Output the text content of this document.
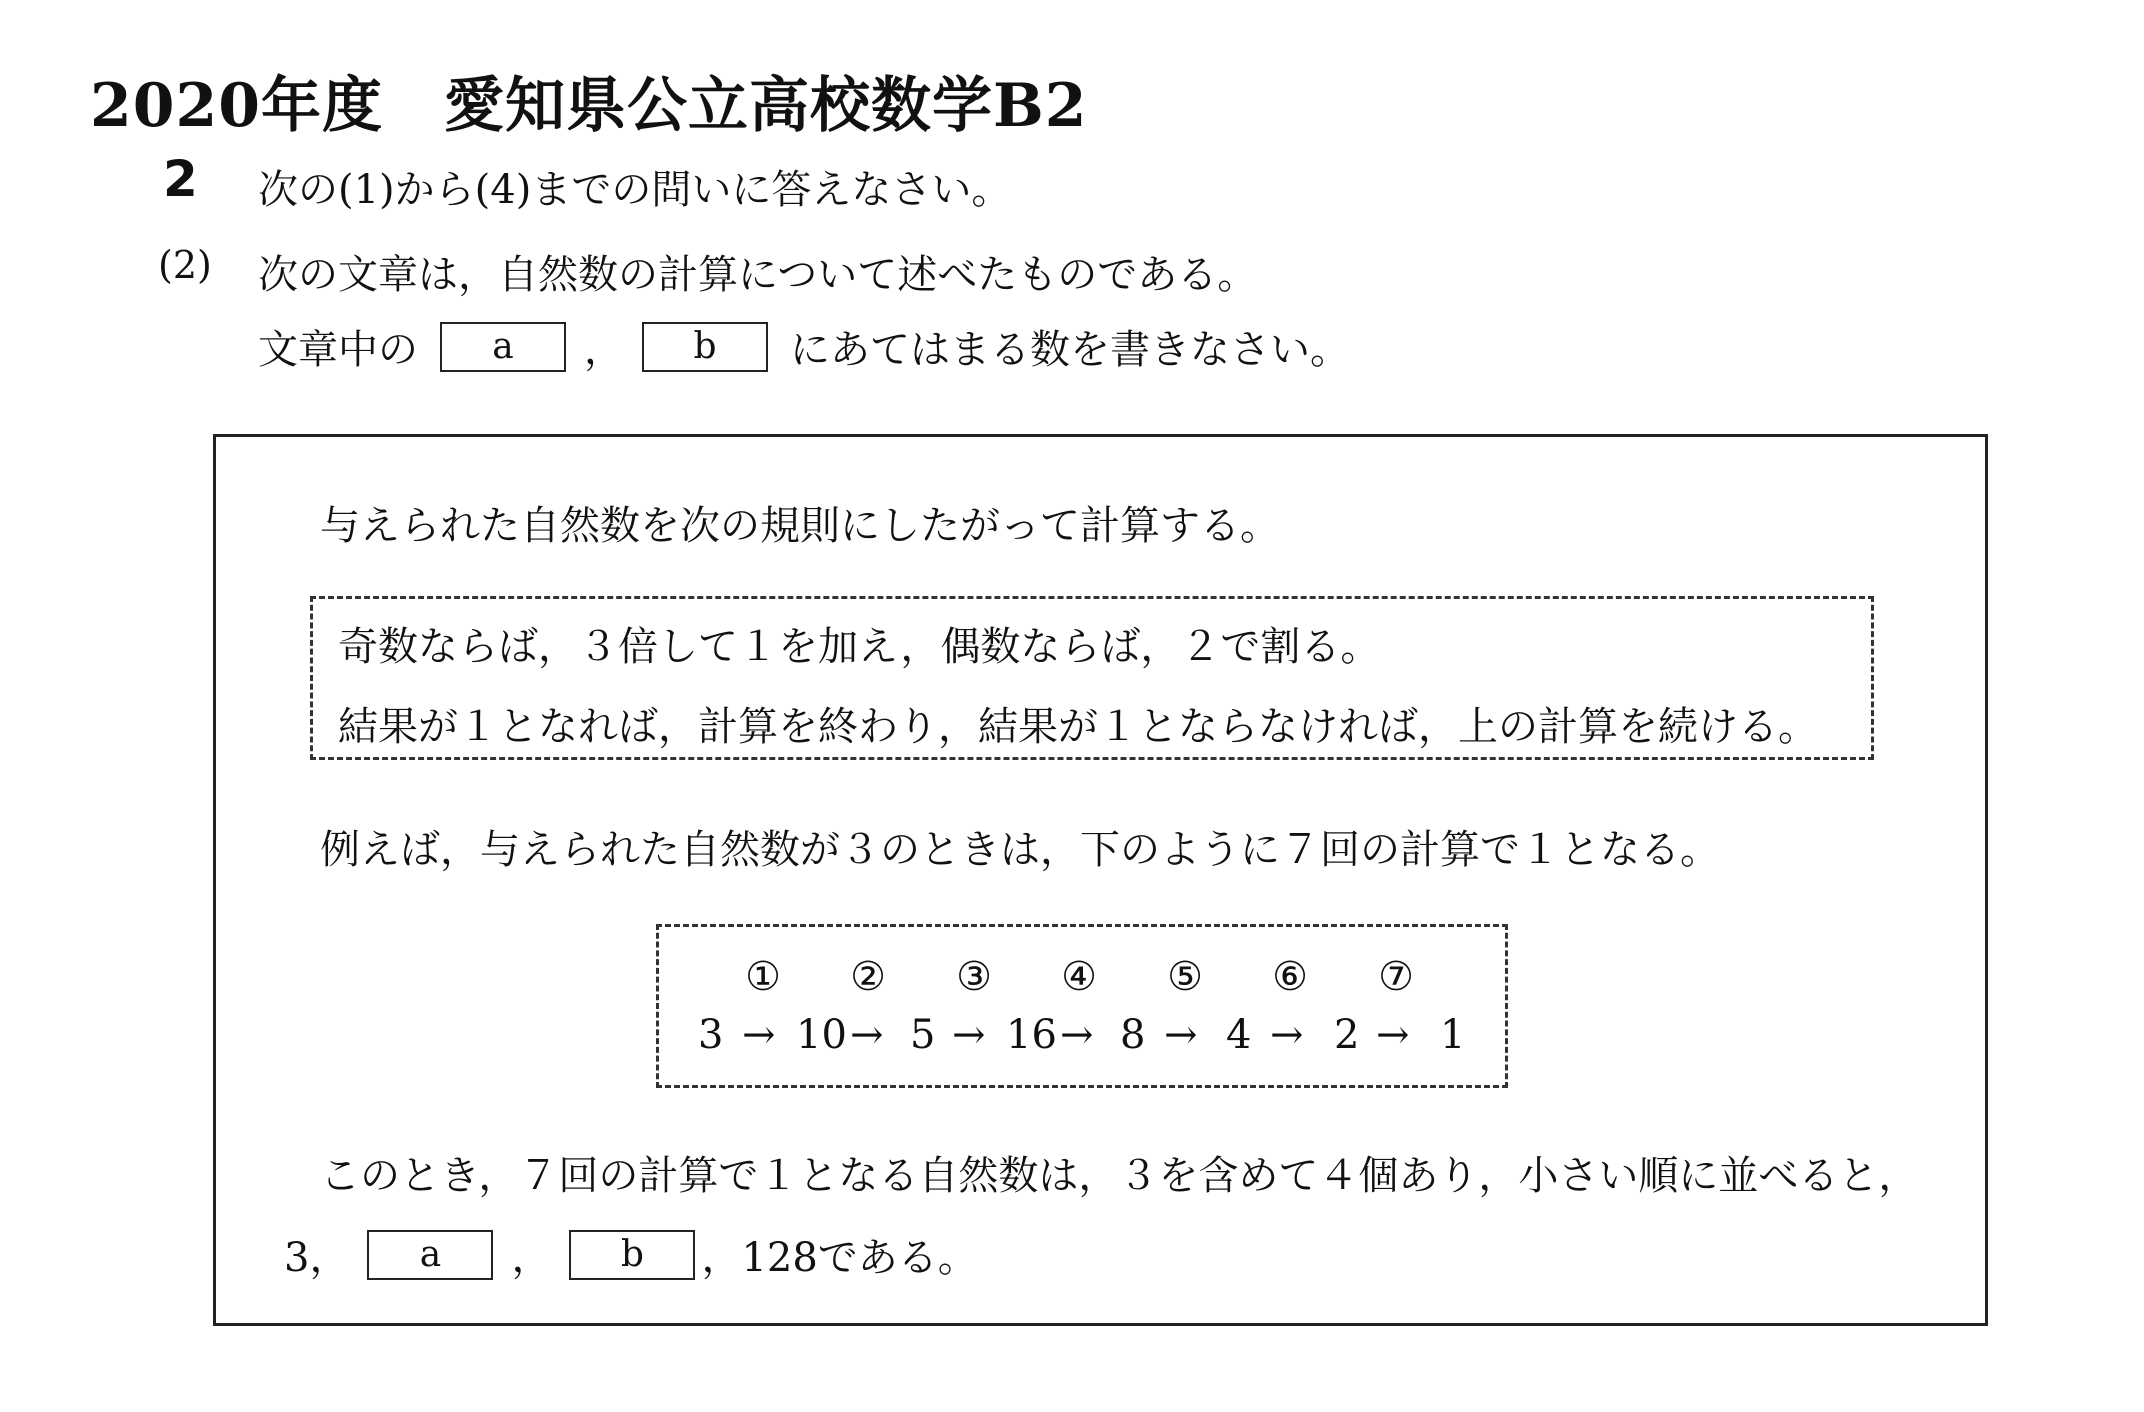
2020年度　愛知県公立高校数学B2
2 次の(1)から(4)までの問いに答えなさい。
(2) 次の文章は，自然数の計算について述べたものである。
文章中の	a	，	b	にあてはまる数を書きなさい。
与えられた自然数を次の規則にしたがって計算する。
奇数ならば，３倍して１を加え，偶数ならば，２で割る。
結果が１となれば，計算を終わり，結果が１とならなければ，上の計算を続ける。
例えば，与えられた自然数が３のときは，下のように７回の計算で１となる。
①	②	③	④	⑤	⑥	⑦
3 → 10 → 5 → 16 → 8 → 4 → 2 → 1
このとき，７回の計算で１となる自然数は，３を含めて４個あり，小さい順に並べると，
3，	a	，	b	，128である。
